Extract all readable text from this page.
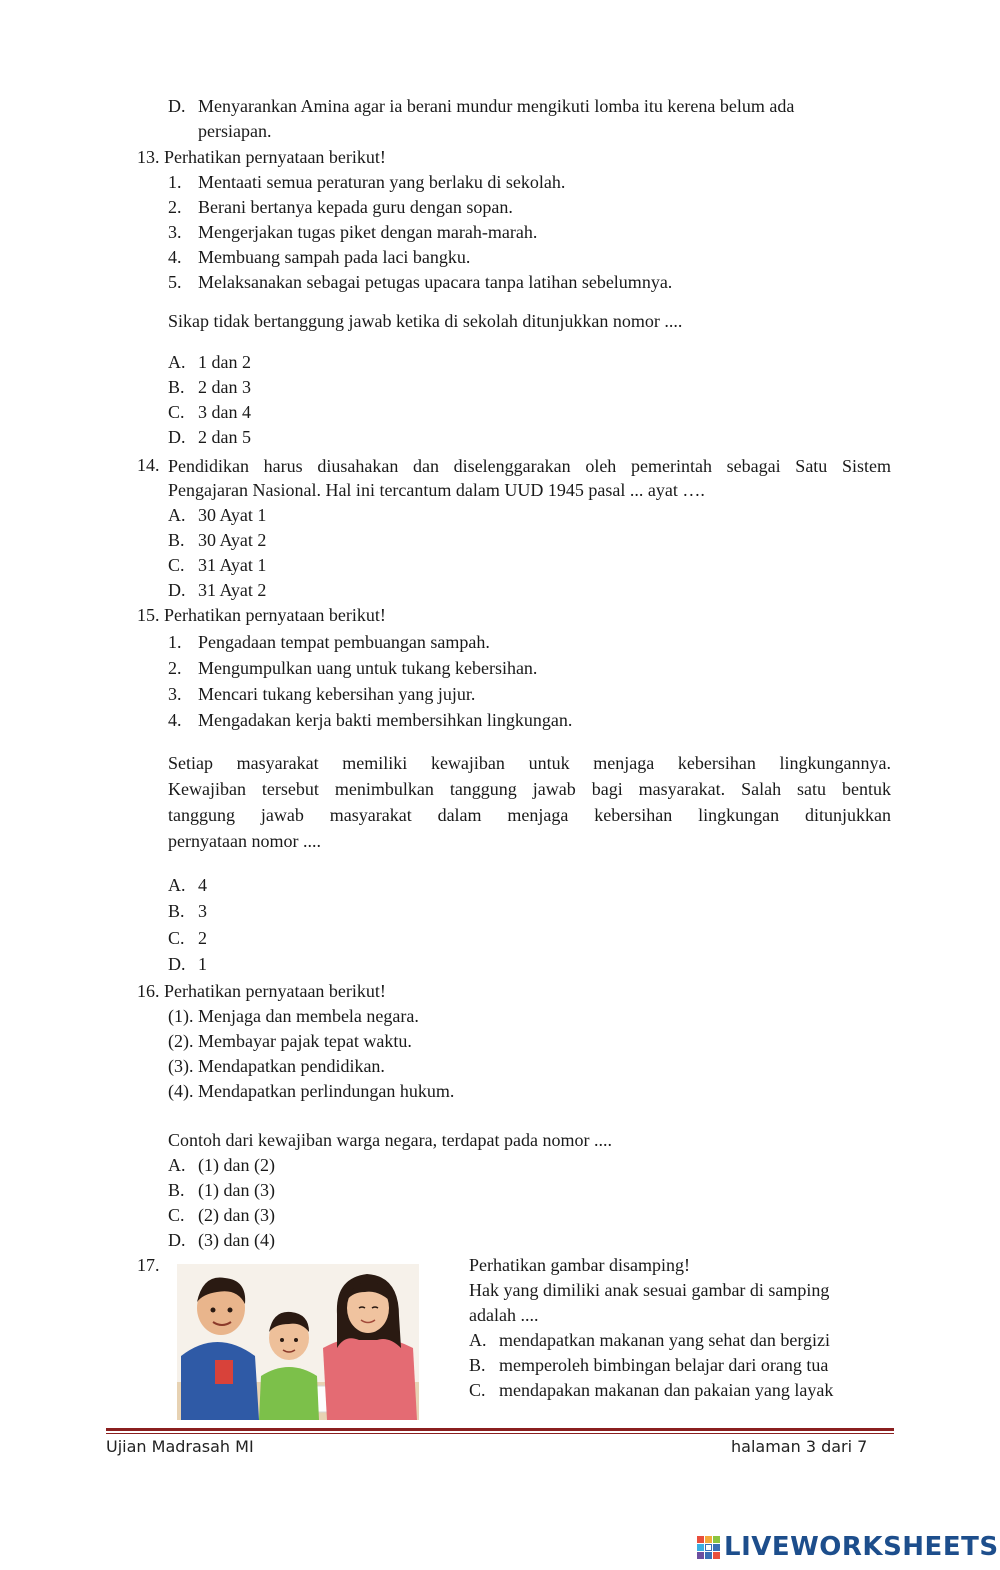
D. Menyarankan Amina agar ia berani mundur mengikuti lomba itu kerena belum ada
persiapan.
13. Perhatikan pernyataan berikut!
1. Mentaati semua peraturan yang berlaku di sekolah.
2. Berani bertanya kepada guru dengan sopan.
3. Mengerjakan tugas piket dengan marah-marah.
4. Membuang sampah pada laci bangku.
5. Melaksanakan sebagai petugas upacara tanpa latihan sebelumnya.
Sikap tidak bertanggung jawab ketika di sekolah ditunjukkan nomor ....
A. 1 dan 2
B. 2 dan 3
C. 3 dan 4
D. 2 dan 5
14. Pendidikan harus diusahakan dan diselenggarakan oleh pemerintah sebagai Satu Sistem
Pengajaran Nasional. Hal ini tercantum dalam UUD 1945 pasal ... ayat ….
A. 30 Ayat 1
B. 30 Ayat 2
C. 31 Ayat 1
D. 31 Ayat 2
15. Perhatikan pernyataan berikut!
1. Pengadaan tempat pembuangan sampah.
2. Mengumpulkan uang untuk tukang kebersihan.
3. Mencari tukang kebersihan yang jujur.
4. Mengadakan kerja bakti membersihkan lingkungan.
Setiap masyarakat memiliki kewajiban untuk menjaga kebersihan lingkungannya.
Kewajiban tersebut menimbulkan tanggung jawab bagi masyarakat. Salah satu bentuk
tanggung jawab masyarakat dalam menjaga kebersihan lingkungan ditunjukkan
pernyataan nomor ....
A. 4
B. 3
C. 2
D. 1
16. Perhatikan pernyataan berikut!
(1). Menjaga dan membela negara.
(2). Membayar pajak tepat waktu.
(3). Mendapatkan pendidikan.
(4). Mendapatkan perlindungan hukum.
Contoh dari kewajiban warga negara, terdapat pada nomor ....
A. (1) dan (2)
B. (1) dan (3)
C. (2) dan (3)
D. (3) dan (4)
17.	Perhatikan gambar disamping!
Hak yang dimiliki anak sesuai gambar di samping
adalah ....
A. mendapatkan makanan yang sehat dan bergizi
B. memperoleh bimbingan belajar dari orang tua
C. mendapakan makanan dan pakaian yang layak
Ujian Madrasah MI	halaman 3 dari 7
LIVEWORKSHEETS
